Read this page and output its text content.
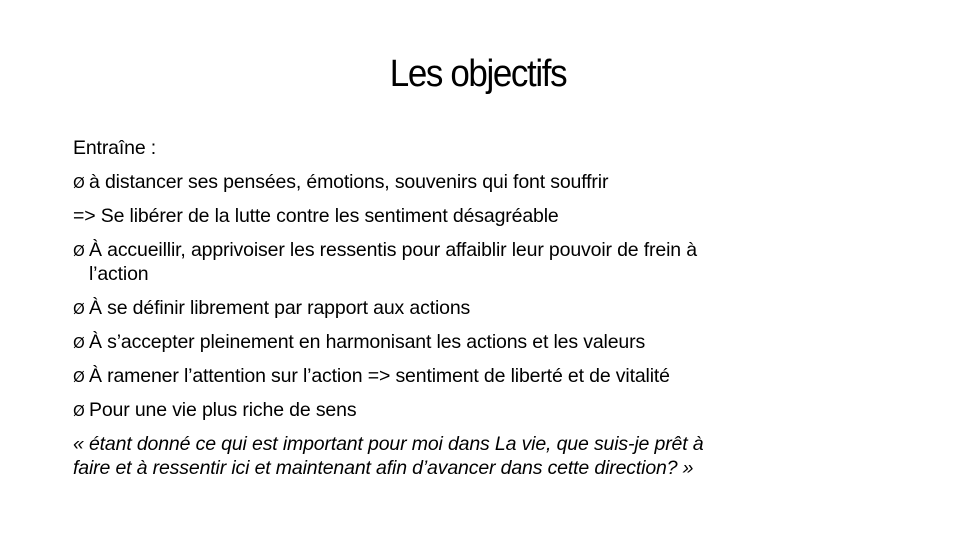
Les objectifs
Entraîne :
Ø à distancer ses pensées, émotions, souvenirs qui font souffrir
=> Se libérer de la lutte contre les sentiment désagréable
Ø À accueillir, apprivoiser les ressentis pour affaiblir leur pouvoir de frein à
l’action
Ø À se définir librement par rapport aux actions
Ø À s’accepter pleinement en harmonisant les actions et les valeurs
Ø À ramener l’attention sur l’action => sentiment de liberté et de vitalité
Ø Pour une vie plus riche de sens
« étant donné ce qui est important pour moi dans La vie, que suis-je prêt à
faire et à ressentir ici et maintenant afin d’avancer dans cette direction? »
